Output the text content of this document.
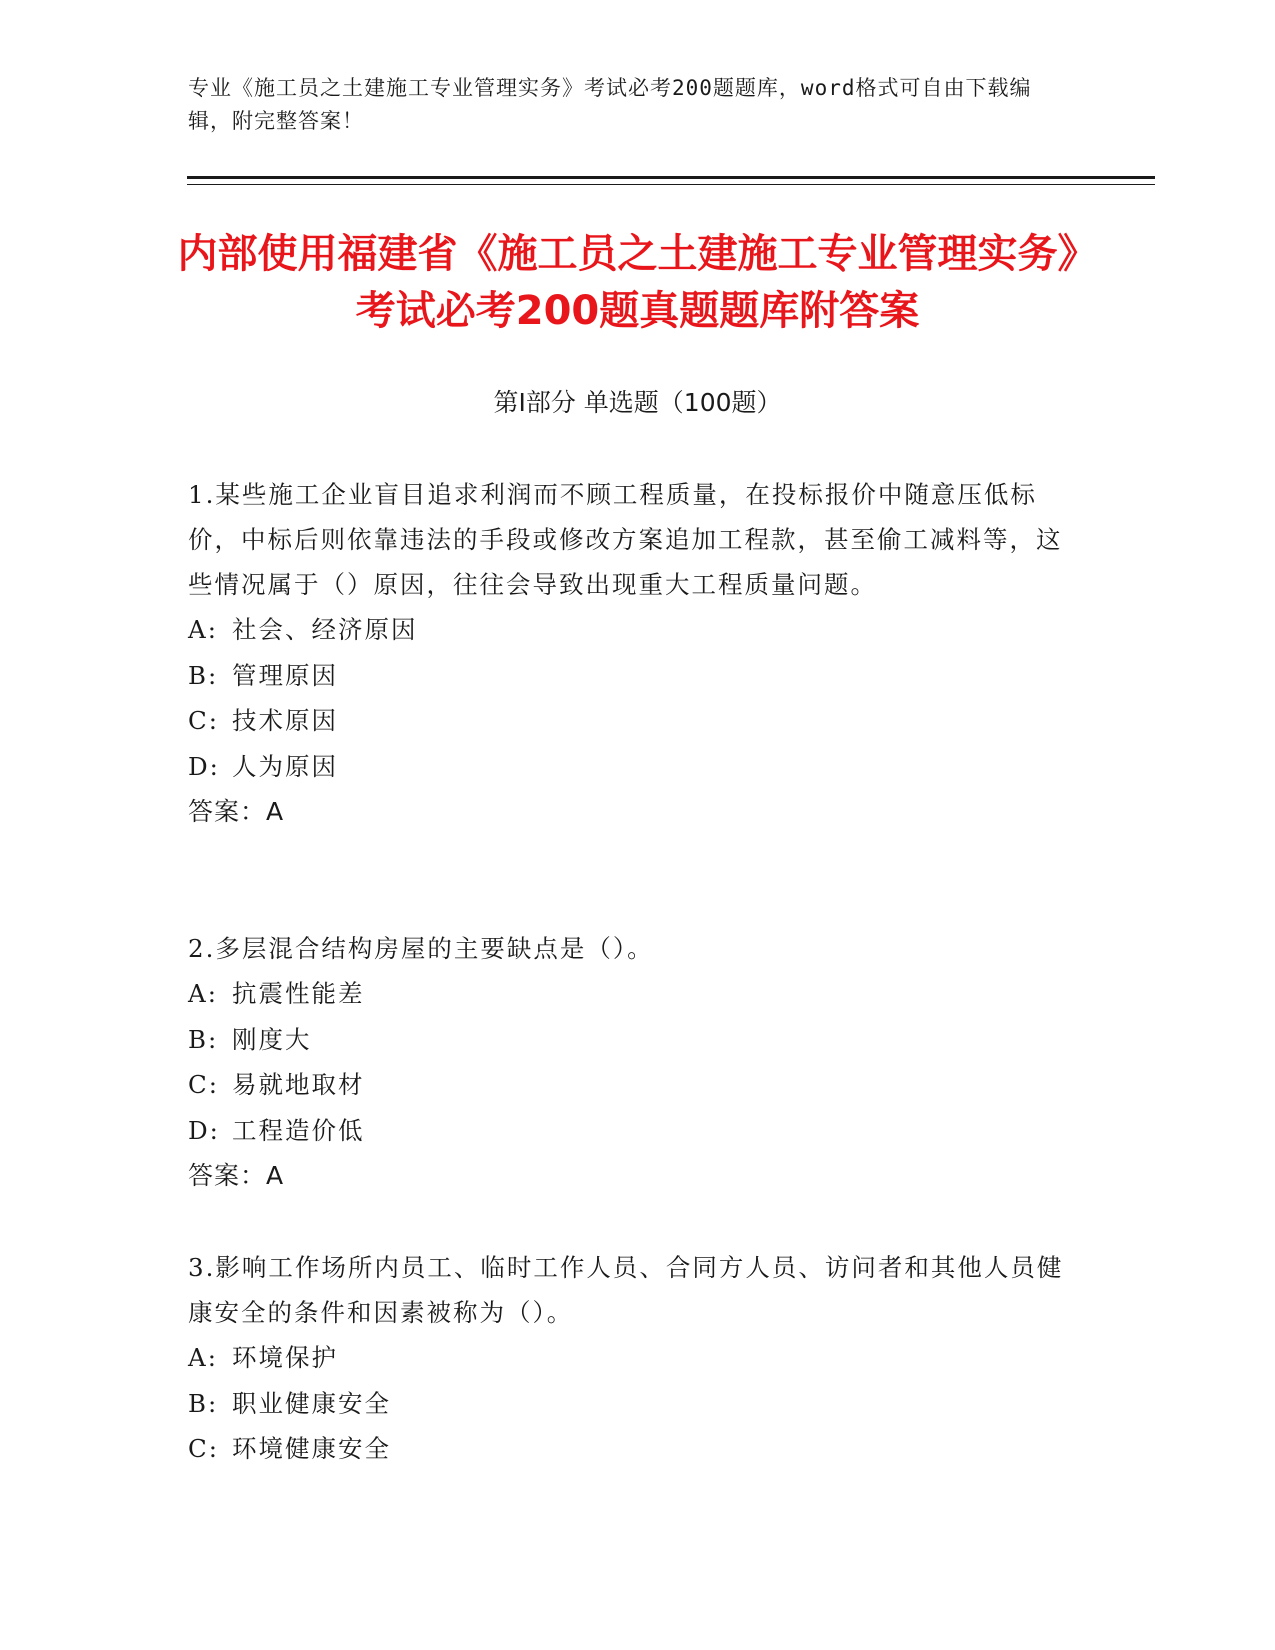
专业《施工员之土建施工专业管理实务》考试必考200题题库，word格式可自由下载编辑，附完整答案！
内部使用福建省《施工员之土建施工专业管理实务》考试必考200题真题题库附答案
第Ⅰ部分 单选题（100题）

1.某些施工企业盲目追求利润而不顾工程质量，在投标报价中随意压低标价，中标后则依靠违法的手段或修改方案追加工程款，甚至偷工减料等，这些情况属于（）原因，往往会导致出现重大工程质量问题。

A: 社会、经济原因

B: 管理原因

C: 技术原因

D: 人为原因

答案：A

2.多层混合结构房屋的主要缺点是（）。

A: 抗震性能差

B: 刚度大

C: 易就地取材

D: 工程造价低

答案：A

3.影响工作场所内员工、临时工作人员、合同方人员、访问者和其他人员健康安全的条件和因素被称为（）。

A: 环境保护

B: 职业健康安全

C: 环境健康安全
